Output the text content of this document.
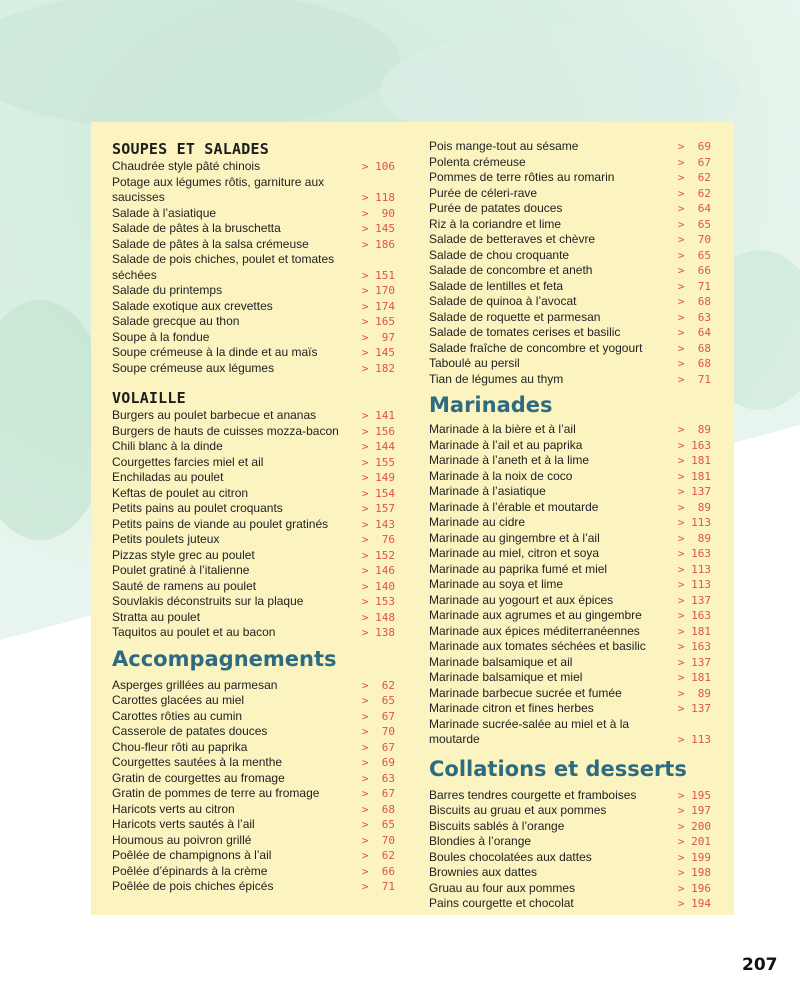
SOUPES ET SALADES
Chaudrée style pâté chinois	> 106
Potage aux légumes rôtis, garniture aux saucisses	> 118
Salade à l’asiatique	>  90
Salade de pâtes à la bruschetta	> 145
Salade de pâtes à la salsa crémeuse	> 186
Salade de pois chiches, poulet et tomates séchées	> 151
Salade du printemps	> 170
Salade exotique aux crevettes	> 174
Salade grecque au thon	> 165
Soupe à la fondue	>  97
Soupe crémeuse à la dinde et au maïs	> 145
Soupe crémeuse aux légumes	> 182
VOLAILLE
Burgers au poulet barbecue et ananas	> 141
Burgers de hauts de cuisses mozza-bacon	> 156
Chili blanc à la dinde	> 144
Courgettes farcies miel et ail	> 155
Enchiladas au poulet	> 149
Keftas de poulet au citron	> 154
Petits pains au poulet croquants	> 157
Petits pains de viande au poulet gratinés	> 143
Petits poulets juteux	>  76
Pizzas style grec au poulet	> 152
Poulet gratiné à l’italienne	> 146
Sauté de ramens au poulet	> 140
Souvlakis déconstruits sur la plaque	> 153
Stratta au poulet	> 148
Taquitos au poulet et au bacon	> 138
Accompagnements
Asperges grillées au parmesan	>  62
Carottes glacées au miel	>  65
Carottes rôties au cumin	>  67
Casserole de patates douces	>  70
Chou-fleur rôti au paprika	>  67
Courgettes sautées à la menthe	>  69
Gratin de courgettes au fromage	>  63
Gratin de pommes de terre au fromage	>  67
Haricots verts au citron	>  68
Haricots verts sautés à l’ail	>  65
Houmous au poivron grillé	>  70
Poêlée de champignons à l’ail	>  62
Poêlée d’épinards à la crème	>  66
Poêlée de pois chiches épicés	>  71
Pois mange-tout au sésame	>  69
Polenta crémeuse	>  67
Pommes de terre rôties au romarin	>  62
Purée de céleri-rave	>  62
Purée de patates douces	>  64
Riz à la coriandre et lime	>  65
Salade de betteraves et chèvre	>  70
Salade de chou croquante	>  65
Salade de concombre et aneth	>  66
Salade de lentilles et feta	>  71
Salade de quinoa à l’avocat	>  68
Salade de roquette et parmesan	>  63
Salade de tomates cerises et basilic	>  64
Salade fraîche de concombre et yogourt	>  68
Taboulé au persil	>  68
Tian de légumes au thym	>  71
Marinades
Marinade à la bière et à l’ail	>  89
Marinade à l’ail et au paprika	> 163
Marinade à l’aneth et à la lime	> 181
Marinade à la noix de coco	> 181
Marinade à l’asiatique	> 137
Marinade à l’érable et moutarde	>  89
Marinade au cidre	> 113
Marinade au gingembre et à l’ail	>  89
Marinade au miel, citron et soya	> 163
Marinade au paprika fumé et miel	> 113
Marinade au soya et lime	> 113
Marinade au yogourt et aux épices	> 137
Marinade aux agrumes et au gingembre	> 163
Marinade aux épices méditerranéennes	> 181
Marinade aux tomates séchées et basilic	> 163
Marinade balsamique et ail	> 137
Marinade balsamique et miel	> 181
Marinade barbecue sucrée et fumée	>  89
Marinade citron et fines herbes	> 137
Marinade sucrée-salée au miel et à la moutarde	> 113
Collations et desserts
Barres tendres courgette et framboises	> 195
Biscuits au gruau et aux pommes	> 197
Biscuits sablés à l’orange	> 200
Blondies à l’orange	> 201
Boules chocolatées aux dattes	> 199
Brownies aux dattes	> 198
Gruau au four aux pommes	> 196
Pains courgette et chocolat	> 194
207
